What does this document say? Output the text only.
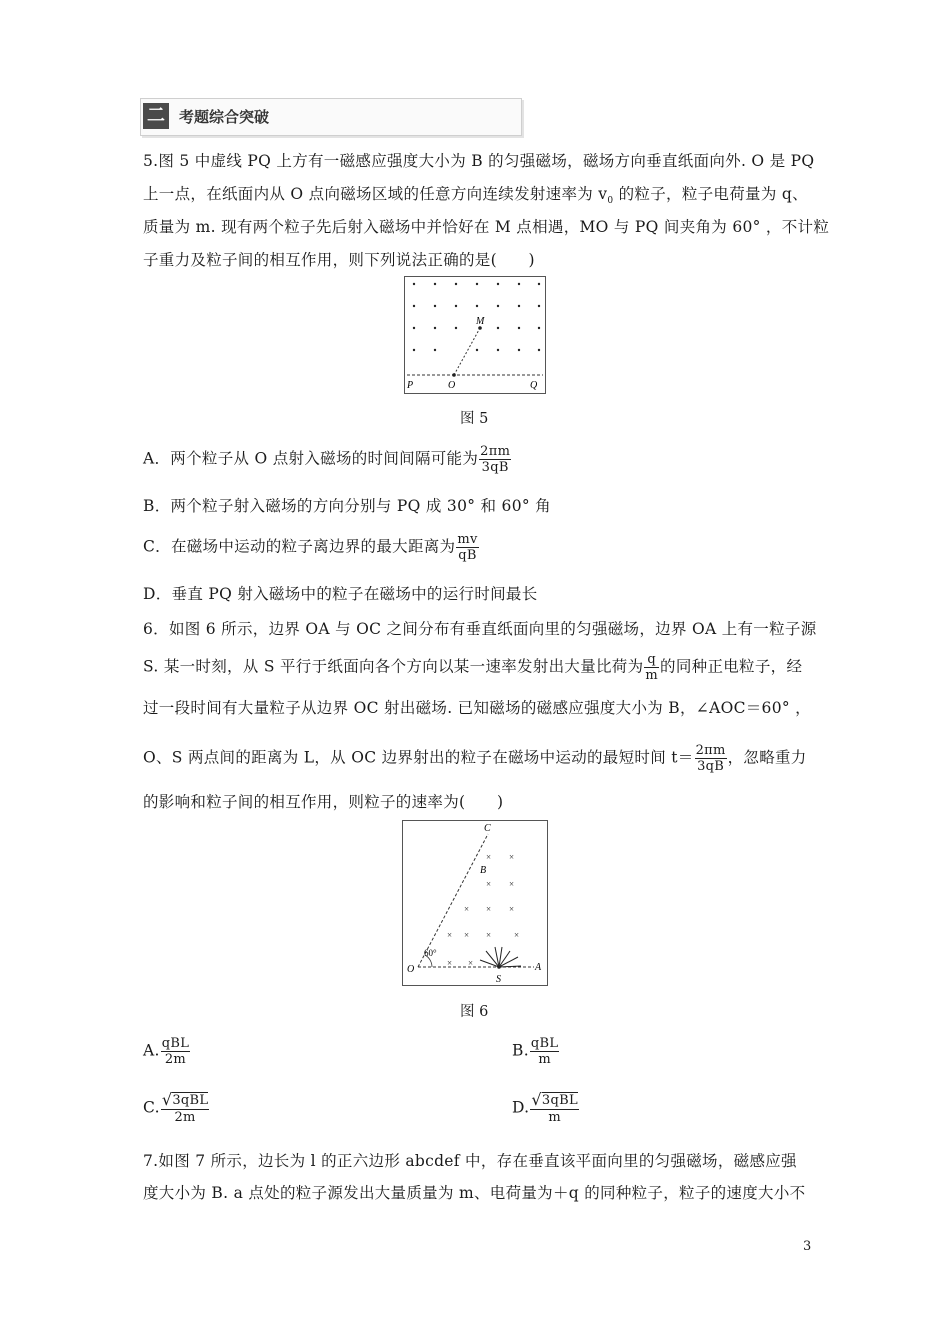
二 考题综合突破
5.图 5 中虚线 PQ 上方有一磁感应强度大小为 B 的匀强磁场，磁场方向垂直纸面向外. O 是 PQ
上一点，在纸面内从 O 点向磁场区域的任意方向连续发射速率为 $v_0$ 的粒子，粒子电荷量为 q、
质量为 m. 现有两个粒子先后射入磁场中并恰好在 M 点相遇，MO 与 PQ 间夹角为 60° ，不计粒
子重力及粒子间的相互作用，则下列说法正确的是(　　)
M
P	O	Q
图 5
A．两个粒子从 O 点射入磁场的时间间隔可能为 $\frac{2\pi m}{3qB}$
B．两个粒子射入磁场的方向分别与 PQ 成 30° 和 60° 角
C．在磁场中运动的粒子离边界的最大距离为 $\frac{mv}{qB}$
D．垂直 PQ 射入磁场中的粒子在磁场中的运行时间最长
6．如图 6 所示，边界 OA 与 OC 之间分布有垂直纸面向里的匀强磁场，边界 OA 上有一粒子源
S. 某一时刻，从 S 平行于纸面向各个方向以某一速率发射出大量比荷为 $\frac{q}{m}$ 的同种正电粒子，经
过一段时间有大量粒子从边界 OC 射出磁场. 已知磁场的磁感应强度大小为 B，∠AOC＝60° ，
O、S 两点间的距离为 L，从 OC 边界射出的粒子在磁场中运动的最短时间 $t= \frac{2\pi m}{3qB}$ ，忽略重力
的影响和粒子间的相互作用，则粒子的速率为(　　)
× ×
× ×
× × ×
× × ×	×
× ×
C
B
O
S
A
60°
图 6
A. $\frac{\text{qBL}}{2m}$	B. $\frac{\text{qBL}}{m}$
C. $\frac{\text{√ 3qBL}}{2m}$	D. $\frac{\text{√ 3qBL}}{m}$
7.如图 7 所示，边长为 l 的正六边形 abcdef 中，存在垂直该平面向里的匀强磁场，磁感应强
度大小为 B. a 点处的粒子源发出大量质量为 m、电荷量为＋q 的同种粒子，粒子的速度大小不
3
